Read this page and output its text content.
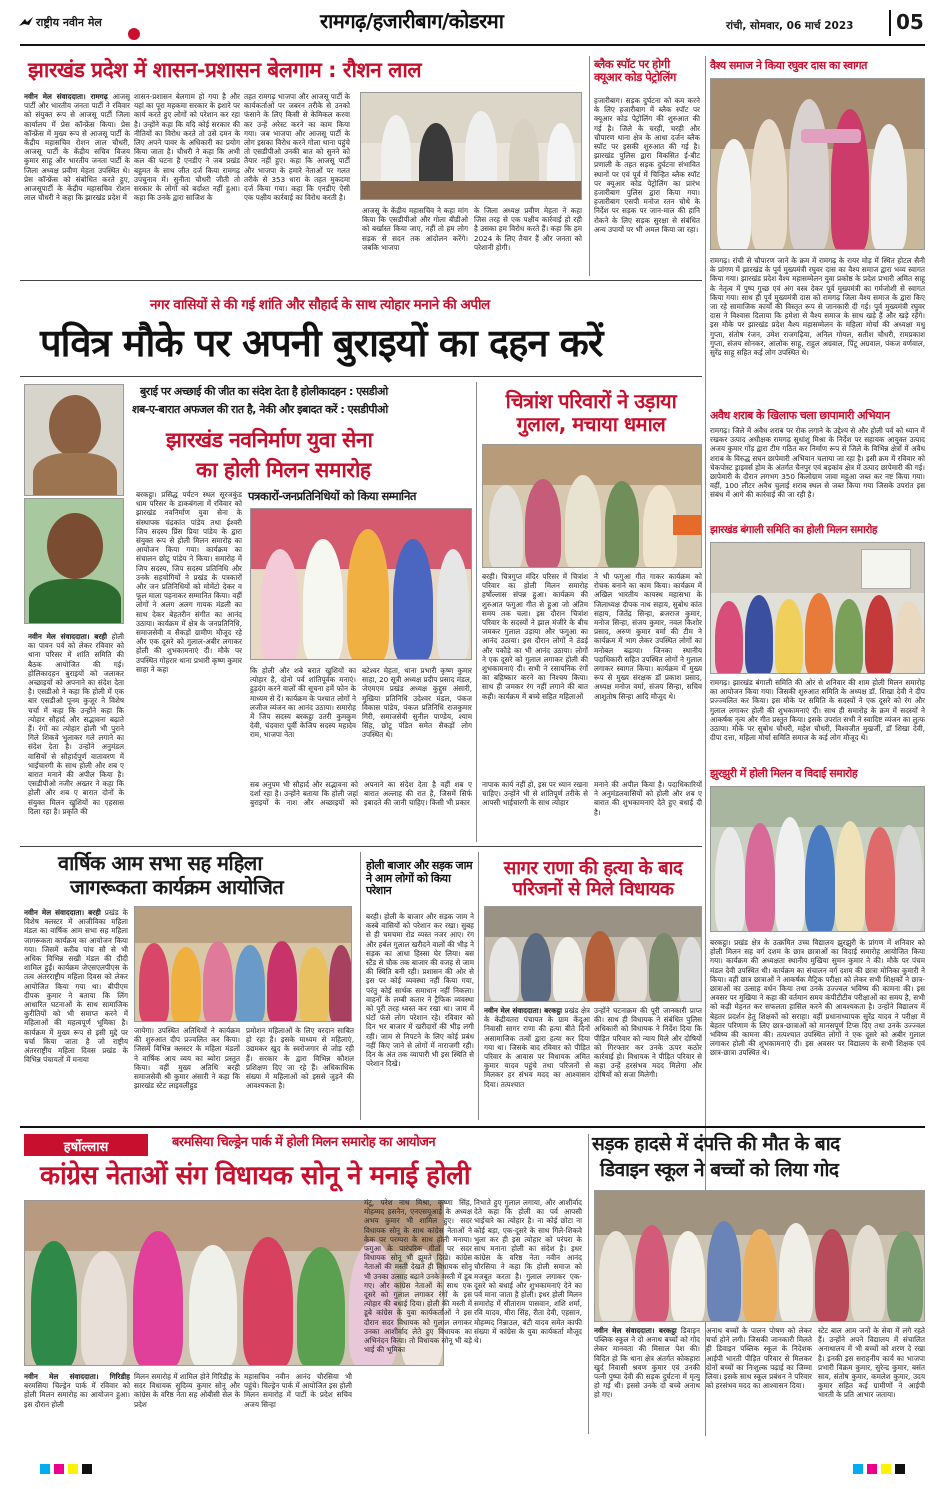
राष्ट्रीय नवीन मेल	रामगढ़/हजारीबाग/कोडरमा	रांची, सोमवार, 06 मार्च 2023 05
झारखंड प्रदेश में शासन-प्रशासन बेलगाम : रौशन लाल
नवीन मेल संवाददाता। रामगढ़ आजसू पार्टी और भारतीय जनता पार्टी ने रविवार को संयुक्त रूप से आजसू पार्टी जिला कार्यालय में प्रेस कॉन्फ्रेंस किया। प्रेस कॉन्फ्रेंस में मुख्य रूप से आजसू पार्टी के केंद्रीय महासचिव रोशन लाल चौधरी, आजसू पार्टी के केंद्रीय सचिव विजय कुमार साहू और भारतीय जनता पार्टी के जिला अध्यक्ष प्रवीण मेहता उपस्थित थे। प्रेस कॉन्फ्रेंस को संबोधित करते हुए, आजसूपार्टी के केंद्रीय महासचिव रोशन लाल चौधरी ने कहा कि झारखंड प्रदेश में
शासन-प्रशासन बेलगाम हो गया है और यहां का पूरा महकमा सरकार के इशारे पर कार्य करते हुए लोगों को परेशान कर रहा है। उन्होंने कहा कि यदि कोई सरकार की नीतियों का विरोध करते तो उसे दमन के लिए अपने पावर के अधिकारी का प्रयोग किया जाता है। चौधरी ने कहा कि अभी कल की घटना है एनडीए ने जब प्रखंड बहुमत के साथ जीत दर्ज किया रामगढ़ उपचुनाव में। सुनीता चौधरी जीती तो सरकार के लोगों को बर्दाश्त नहीं हुआ। कहा कि उनके द्वारा साजिश के
तहत रामगढ़ भाजपा और आजसू पार्टी के कार्यकर्ताओं पर जबरन तरीके से उनको फंसाने के लिए किसी से केमिकल करवा कर उन्हें अरेस्ट करने का काम किया गया। जब भाजपा और आजसू पार्टी के लोग इसका विरोध करने गोला थाना पहुंचे तो एसडीपीओ उनकी बात को सुनने को तैयार नहीं हुए। कहा कि आजसू पार्टी और भाजपा के हमारे नेताओं पर गलत तरीके से 353 धारा के तहत मुकदमा दर्ज किया गया। कहा कि एनडीए ऐसी एक पक्षीय कार्रवाई का विरोध करती है।
आजसू के केंद्रीय महासचिव ने कहा मांग किया कि एसडीपीओ और गोला बीडीओ को बर्खास्त किया जाए, नहीं तो हम लोग सड़क से सदन तक आंदोलन करेंगे। जबकि भाजपा
के जिला अध्यक्ष प्रवीण मेहता ने कहा जिस तरह से एक पक्षीय कार्रवाई हो रही है उसका हम विरोध करते हैं। कहा कि हम 2024 के लिए तैयार हैं और जनता को परेशानी होगी।
ब्लैक स्पॉट पर होगी क्यूआर कोड पेट्रोलिंग
हजारीबाग। सड़क दुर्घटना को कम करने के लिए हजारीबाग में ब्लैक स्पॉट पर क्यूआर कोड पेट्रोलिंग की शुरुआत की गई है। जिले के चरही, चरही और चौपारण थाना क्षेत्र के आधा दर्जन ब्लैक स्पॉट पर इसकी शुरुआत की गई है। झारखंड पुलिस द्वारा विकसित ई-बीट प्रणाली के तहत सड़क दुर्घटना संभावित स्थानों पर एवं पूर्व में चिन्हित ब्लैक स्पॉट पर क्यूआर कोड पेट्रोलिंग का प्रारंभ हजारीबाग पुलिस द्वारा किया गया। हजारीबाग एसपी मनोज रतन चोथे के निर्देश पर सड़क पर जान-माल की हानि रोकने के लिए सड़क सुरक्षा से संबंधित अन्य उपायों पर भी अमल किया जा रहा।
वैश्य समाज ने किया रघुवर दास का स्वागत
रामगढ़। रांची से चौपारण जाने के क्रम में रामगढ़ के रायर मोड़ में स्थित होटल सैनी के प्रांगण में झारखंड के पूर्व मुख्यमंत्री रघुवर दास का वैश्य समाज द्वारा भव्य स्वागत किया गया। झारखंड प्रदेश वैश्य महासम्मेलन युवा प्रकोष्ठ के प्रदेश प्रभारी अमित साहू के नेतृत्व में पुष्प गुच्छ एवं अंग वस्त्र देकर पूर्व मुख्यमंत्री का गर्मजोशी से स्वागत किया गया। साथ ही पूर्व मुख्यमंत्री दास को रामगढ़ जिला वैश्य समाज के द्वारा किए जा रहे सामाजिक कार्यों की विस्तृत रूप से जानकारी दी गई। पूर्व मुख्यमंत्री रघुवर दास ने विश्वास दिलाया कि हमेशा से वैश्य समाज के साथ खड़े हैं और खड़े रहेंगे। इस मौके पर झारखंड प्रदेश वैश्य महासम्मेलन के महिला मोर्चा की अध्यक्षा मधु गुप्ता, संतोष रंजन, उमेश राजगढ़िया, अनिल गोयल, सतीश चौधरी, रामप्रकाश गुप्ता, संजय सोनकर, आलोक साहू, राहुल अग्रवाल, पिंटू अग्रवाल, पंकज वर्णवाल, सुरेंद्र साहू सहित कई लोग उपस्थित थे।
नगर वासियों से की गई शांति और सौहार्द के साथ त्योहार मनाने की अपील
पवित्र मौके पर अपनी बुराइयों का दहन करें
बुराई पर अच्छाई की जीत का संदेश देता है होलीकादहन : एसडीओ
शब-ए-बारात अफजल की रात है, नेकी और इबादत करें : एसडीपीओ
नवीन मेल संवाददाता। बरही होली का पावन पर्व को लेकर रविवार को थाना परिसर में शांति समिति की बैठक आयोजित की गई। होलिकादहन बुराइयों को जलाकर अच्छाइयों को अपनाने का संदेश देता है। एसडीओ ने कहा कि होली में एक बार एसडीओ पूनम कुजूर ने विशेष चर्चा में कहा कि उन्होंने कहा कि त्योहार सौहार्द और सद्भावना बढ़ाते हैं। रंगों का त्योहार होली भी पुराने गिले शिकवे भुलाकर गले लगाने का संदेश देता है। उन्होंने अनुमंडल वासियों से सौहार्दपूर्ण वातावरण में भाईचारगी के साथ होली और शब ए बारात मनाने की अपील किया है। एसडीपीओ नजीर अख्तर ने कहा कि होली और शब ए बारात दोनों के संयुक्त मिलन खुशियों का एहसास दिला रहा है। प्रकृति की
झारखंड नवनिर्माण युवा सेना
का होली मिलन समारोह
पत्रकारों-जनप्रतिनिधियों को किया सम्मानित
बरकट्ठा। प्रसिद्ध पर्यटन स्थल सूरजकुंड धाम परिसर के डाकबंगला में रविवार को झारखंड नवनिर्माण युवा सेना के संस्थापक चंद्रकांत पांडेय तथा ईश्वरी जिप सदस्य प्रिंस प्रिया पांडेय के द्वारा संयुक्त रूप से होली मिलन समारोह का आयोजन किया गया। कार्यक्रम का संचालन छोटू पांडेय ने किया। समारोह में जिप सदस्य, जिप सदस्य प्रतिनिधि और उनके सहयोगियों ने प्रखंड के पत्रकारों और जन प्रतिनिधियों को मोमेंटो देकर व फूल माला पहनाकर सम्मानित किया। वहीं लोगों ने अलग अलग गायक मंडली का साथ देकर बेहतरीन संगीत का आनंद उठाया। कार्यक्रम में क्षेत्र के जनप्रतिनिधि, समाजसेवी व सैकड़ों ग्रामीण मौजूद रहे और एक दूसरे को गुलाल-अबीर लगाकर होली की शुभकामनाएं दी। मौके पर उपस्थित गोहरार थाना प्रभारी कृष्ण कुमार साहा ने कहा	कि होली और शबे बरात खुशियों का त्योहार है, दोनो पर्व शांतिपूर्वक मनाएं। हुड़दंग करने वालों की सूचना हमें फोन के माध्यम से दें। कार्यक्रम के पश्चात लोगों ने लजीज व्यंजन का आनंद उठाया। समारोह में जिप सदस्य बरकट्ठा उतरी कुमकुम देवी, चंदवारा पूर्वी केजिप सदस्य महादेव राम, भाजपा नेता
बटेश्वर मेहता, थाना प्रभारी कृष्ण कुमार साहा, 20 सूत्री अध्यक्ष प्रदीप प्रसाद मंडल, जेएमएम प्रखंड अध्यक्ष कुद्दुस अंसारी, मुखिया प्रतिनिधि उदेश्वर मंडल, पंकज विकास पांडेय, पंकज प्रतिनिधि राजकुमार गिरी, समाजसेवी सुनील पाण्डेय, श्याम सिंह, छोटू पंडित समेत सैकड़ों लोग उपस्थित थे।
सब अनुपम भी सौहार्द और सद्भावना को दर्शा रहा है। उन्होंने बताया कि होली जहां बुराइयों के नाश और अच्छाइयों को अपनाने का संदेश देता है वहीं शब ए बारात अल्लाह की रात है, जिसमें सिर्फ इबादते की जानी चाहिए। किसी भी प्रकार
चित्रांश परिवारों ने उड़ाया गुलाल, मचाया धमाल
बरही। चित्रगुप्त मंदिर परिसर में चित्रांश परिवार का होली मिलन समारोह हर्षोल्लास संपन्न हुआ। कार्यक्रम की शुरुआत फगुआ गीत से हुआ जो अंतिम समय तक चला। इस दौरान चित्रांश परिवार के सदस्यों ने झाल मंजीरे के बीच जमकर गुलाल उड़ाया और फगुआ का आनंद उठाया। इस दौरान लोगों ने ठंडई और पकौड़े का भी आनंद उठाया। लोगों ने एक दूसरे को गुलाल लगाकर होली की शुभकामनाएं दी। सभी ने रसायनिक रंगों का बहिष्कार करने का निश्चय किया। साथ ही जमकर रंग नहीं लगाने की बात कही। कार्यक्रम में बच्चे सहित महिलाओं
ने भी फगुआ गीत गाकर कार्यक्रम को रोचक बनाने का काम किया। कार्यक्रम में अखिल भारतीय कायस्थ महासभा के जिलाध्यक्ष दीपक नाथ सहाय, सुबोध कांत सहाय, जितेंद्र सिन्हा, ब्रजराज कुमार, मनोज सिन्हा, संजय कुमार, नवल किशोर प्रसाद, अरुण कुमार वर्मा की टीम ने कार्यक्रम में भाग लेकर उपस्थित लोगों का मनोबल बढ़ाया। जिनका स्थानीय पदाधिकारी सहित उपस्थित लोगों ने गुलाल लगाकर स्वागत किया। कार्यक्रम में मुख्य रूप से मुख्य संरक्षक डॉ प्रकाश प्रसाद, अध्यक्ष मनोज वर्मा, संजय सिन्हा, सचिव आशुतोष सिन्हा आदि मौजूद थे।
नापाक कार्य नहीं हो, इस पर ध्यान रखना चाहिए। उन्होंने भी से शांतिपूर्ण तरीके से आपसी भाईचारगी के साथ त्योहार
मनाने की अपील किया है। पदाधिकारियों ने अनुमंडलवासियों को होली और शब ए बारात की शुभकामनाएं देते हुए बधाई दी है।
अवैध शराब के खिलाफ चला छापामारी अभियान
रामगढ़। जिले में अवैध शराब पर रोक लगाने के उद्देश्य से और होली पर्व को ध्यान में रखकर उत्पाद अधीक्षक रामगढ़ सुधांशु मिश्रा के निर्देश पर सहायक आयुक्त उत्पाद अजय कुमार गोंड़ द्वारा टीम गठित कर निर्माण रूप से जिले के विभिन्न क्षेत्रों में अवैध शराब के विरुद्ध सघन छापेमारी अभियान चलाया जा रहा है। इसी क्रम में रविवार को चेकपोस्ट ड्राइवर्स होम के अंतर्गत चैनपुर एवं बड़कांव क्षेत्र में उत्पाद छापेमारी की गई। छापेमारी के दौरान लगभग 350 किलोग्राम जावा महुआ जब्त कर नष्ट किया गया। वहीं, 100 लीटर अवैध चुलाई शराब स्थल से जब्त किया गया जिसके उपरांत इस संबंध में आगे की कार्रवाई की जा रही है।
झारखंड बंगाली समिति का होली मिलन समारोह
रामगढ़। झारखंड बंगाली समिति की ओर से शनिवार की शाम होली मिलन समारोह का आयोजन किया गया। जिसकी शुरुआत समिति के अध्यक्ष डॉ. शिखा देवी ने दीप प्रज्ज्वलित कर किया। इस मौके पर समिति के सदस्यों ने एक दूसरे को रंग और गुलाल लगाकर होली की शुभकामनाएं दी। साथ ही समारोह के क्रम में सदस्यों ने आकर्षक नृत्य और गीत प्रस्तुत किया। इसके उपरांत सभी ने स्वादिष्ट व्यंजन का लुत्फ उठाया। मौके पर सुबोध चौधरी, महेश चौधरी, विश्वजीत मुखर्जी, डॉ शिखा देवी, दीपा दत्ता, महिला मोर्चा समिति समाज के कई लोग मौजूद थे।
झुरझुरी में होली मिलन व विदाई समारोह
बरकट्ठा। प्रखंड क्षेत्र के उत्क्रमित उच्च विद्यालय झुरझुरी के प्रांगण में शनिवार को होली मिलन सह वर्ग दशम के छात्र छात्राओं का विदाई समारोह आयोजित किया गया। कार्यक्रम की अध्यक्षता स्थानीय मुखिया सुमन कुमार ने की। मौके पर पंचम मंडल देवी उपस्थित थी। कार्यक्रम का संचालन वर्ग दशम की छात्रा मोनिका कुमारी ने किया। वहीं छात्र छात्राओं ने आकर्षक मैट्रिक परीक्षा को लेकर सभी शिक्षकों ने छात्र-छात्राओं का उत्साह वर्धन किया तथा उनके उज्ज्वल भविष्य की कामना की। इस अवसर पर मुखिया ने कहा की वर्तमान समय कंपीटीटीव परीक्षाओं का समय है, सभी को कड़ी मेहनत कर सफलता हासिल करने की आवश्यकता है। उन्होंने विद्यालय में बेहतर प्रदर्शन हेतु शिक्षकों को सराहा। वहीं प्रधानाध्यापक सुरेंद्र यादव ने परीक्षा में बेहतर परिणाम के लिए छात्र-छात्राओं को मानसपूर्ण टिप्स दिए तथा उनके उज्ज्वल भविष्य की कामना की। तत्पश्चात उपस्थित लोगों ने एक दूसरे को अबीर गुलाल लगाकर होली की शुभकामनाएं दी। इस अवसर पर विद्यालय के सभी शिक्षक एवं छात्र-छात्रा उपस्थित थे।
वार्षिक आम सभा सह महिला
जागरूकता कार्यक्रम आयोजित
नवीन मेल संवाददाता। बरही प्रखंड के विशेष क्लस्टर में आजीविका महिला मंडल का वार्षिक आम सभा सह महिला जागरूकता कार्यक्रम का आयोजन किया गया। जिसमें करीब पांच सौ से भी अधिक विभिन्न सखी मंडल की दीदी शामिल हुईं। कार्यक्रम जेएसएलपीएस के तत्व अंतरराष्ट्रीय महिला दिवस को लेकर आयोजित किया गया था। बीपीएम दीपक कुमार ने बताया कि लिंग आधारित घटनाओं के साथ सामाजिक कुरीतियों को भी समाप्त करने में महिलाओं की महत्वपूर्ण भूमिका है। कार्यक्रम में मुख्य रूप से इसी मुद्दे पर चर्चा किया जाता है जो राष्ट्रीय अंतरराष्ट्रीय महिला दिवस प्रखंड के विभिन्न पंचायतों में मनाया
जायेगा। उपस्थित अतिथियों ने कार्यक्रम की शुरुआत दीप प्रज्वलित कर किया। जिसमें विभिन्न क्लस्टर के महिला मंडलों ने वार्षिक आय व्यय का ब्योरा प्रस्तुत किया। वहीं मुख्य अतिथि बरही समाजसेवी श्री कुमार अंसारी ने कहा कि झारखंड स्टेट लाइवलीहुड
प्रमोशन महिलाओं के लिए वरदान साबित हो रहा है। इसके माध्यम से महिलाएं, उद्यमकर खुद के स्वरोजगार से जोड़ रही हैं। सरकार के द्वारा विभिन्न कौशल प्रशिक्षण दिए जा रहे हैं। अधिकाधिक संख्या में महिलाओं को इससे जुड़ने की आवश्यकता है।
होली बाजार और सड़क जाम ने आम लोगों को किया परेशान
बरही। होली के बाजार और सड़क जाम ने कस्बे वासियों को परेशान कर रखा। सुबह से ही चमचमा रोड व्यस्त नजर आए। रंग और हर्बल गुलाल खरीदने वालों की भीड़ ने सड़क का आधा हिस्सा घेर लिया। बस स्टैंड से चौक तक बाजार की वजह से जाम की स्थिति बनी रही। प्रशासन की ओर से इस पर कोई व्यवस्था नहीं किया गया, परंतु कोई सार्थक समाधान नहीं निकला। वाहनों के लम्बी कतार ने ट्रैफिक व्यवस्था को पूरी तरह ध्वस्त कर रखा था। जाम में घंटों फंसे लोग परेशान रहे। रविवार को दिन भर बाजार में खरीदारों की भीड़ लगी रही। जाम से निपटने के लिए कोई प्रबंध नहीं किए जाने से लोगों में नाराजगी रही। दिन के अंत तक व्यापारी भी इस स्थिति से परेशान दिखे।
सागर राणा की हत्या के बाद परिजनों से मिले विधायक
नवीन मेल संवाददाता। बरकट्ठा प्रखंड क्षेत्र के केंद्रीयतरा पंचायत के ग्राम केंदुआ निवासी सागर राणा की हत्या बीते दिनों असामाजिक तत्वों द्वारा हत्या कर दिया गया था। जिसके बाद रविवार को पीड़ित परिवार के आवास पर विधायक अमित कुमार यादव पहुंचे तथा परिजनों से मिलकर हर संभव मदद का आश्वासन दिया। तत्पश्चात
उन्होंने घटनाक्रम की पूरी जानकारी प्राप्त की। साथ ही विधायक ने संबंधित पुलिस अधिकारी को विधायक ने निर्देश दिया कि पीड़ित परिवार को न्याय मिले और दोषियों को गिरफ्तार कर उनके ऊपर कठोर कार्रवाई हो। विधायक ने पीड़ित परिवार से कहा उन्हें हरसंभव मदद मिलेगा और दोषियों को सजा मिलेगी।
हर्षोल्लास	बरमसिया चिल्ड्रेन पार्क में होली मिलन समारोह का आयोजन
कांग्रेस नेताओं संग विधायक सोनू ने मनाई होली
नवीन मेल संवाददाता। गिरिडीह बरमसिया चिल्ड्रेन पार्क में रविवार को होली मिलन समारोह का आयोजन हुआ। इस दौरान होली
मिलन समारोह में शामिल होने गिरिडीह के सदर विधायक सुदिव्य कुमार सोनू और कांग्रेस के वरिष्ठ नेता सह ओबीसी सेल के प्रदेश
महासचिव नवीन आनंद चौरसिया भी पहुंचे। चिल्ड्रेन पार्क में आयोजित इस होली मिलन समारोह में पार्टी के प्रदेश सचिव अजय सिन्हा
मंटू, परेश नाथ मिश्रा, कृष्णा सिंह, मोहम्मद हसनैन, एनएसयूआई के अध्यक्ष अभय कुमार भी शामिल हुए। सदर विधायक सोनू के साथ कांग्रेस नेताओं ने केक पर परम्परा के साथ होली मनाया। फगुआ के पारंपरिक गीतों पर सदर विधायक सोनू भी झूमते दिखे। कांग्रेस नेताओं की मस्ती देखते ही विधायक सोनू भी उनका उत्साह बढ़ाने उनके मस्ती में डूब गए। और कांग्रेस नेताओं के साथ एक दूसरे को गुलाल लगाकर रंगों के इस त्योहार की बधाई दिया। होली की मस्ती में डूबे कांग्रेस के युवा कार्यकर्ताओं ने इस दौरान सदर विधायक को गुलाल लगाकर उनका आशीर्वाद लेते हुए विधायक का अभिनंदन किया। तो विधायक सोनू भी बड़े भाई की भूमिका
निभाते हुए गुलाल लगाया, और आशीर्वाद देते कहा कि होली का पर्व आपसी भाईचारे का त्योहार है। ना कोई छोटा ना कोई बड़ा, एक-दूसरे के साथ गिले-शिकवे भुला कर ही इस त्योहार को परंपरा के साथ मनाना होली का संदेश है। इधर कांग्रेस के वरिष्ठ नेता नवीन आनंद चौरसिया ने कहा कि होली समाज को मजबूत करता है। गुलाल लगाकर एक-दूसरे को बधाई और शुभकामनाएं देने का पर्व माना जाता है होली। इधर होली मिलन समारोह में सीताराम पासवान, शशि शर्मा, रवि यादव, मीरा सिंह, रीता देवी, एहसान, मोहम्मद निन्नाउल, बंटी यादव समेत काफी संख्या में कांग्रेस के युवा कार्यकर्ता मौजूद थे।
सड़क हादसे में दंपत्ति की मौत के बाद
डिवाइन स्कूल ने बच्चों को लिया गोद
नवीन मेल संवाददाता। बरकट्ठा डिवाइन पब्लिक स्कूल ने दो अनाथ बच्चों को गोद लेकर मानवता की मिसाल पेश की। विदित हो कि थाना क्षेत्र अंतर्गत कोकहारा खुर्द निवासी श्रवण कुमार एवं उनकी पत्नी पुष्पा देवी की सड़क दुर्घटना में मृत्यु हो गई थी। इससे उनके दो बच्चे अनाथ हो गए।
अनाथ बच्चों के पालन पोषण को लेकर चर्चा होने लगी। जिसकी जानकारी मिलते ही डिवाइन पब्लिक स्कूल के निदेशक आईपी भारती पीड़ित परिवार से मिलकर दोनों बच्चों का निःशुल्क पढ़ाई का जिम्मा लिया। इसके साथ स्कूल प्रबंधन ने परिवार को हरसंभव मदद का आश्वासन दिया।
स्टेट बाल आम जनों के सेवा में लगे रहते हैं। उन्होंने अपने विद्यालय में संचालित अनाथालय में भी बच्चों को शरण दे रखा है। इनकी इस सराहनीय कार्य का भाजपा प्रभारी विक्रम कुमार, सुरेन्द्र कुमार, बसंत साव, संतोष कुमार, कमलेश कुमार, उदय कुमार सहित कई ग्रामीणों ने आईपी भारती के प्रति आभार जताया।
